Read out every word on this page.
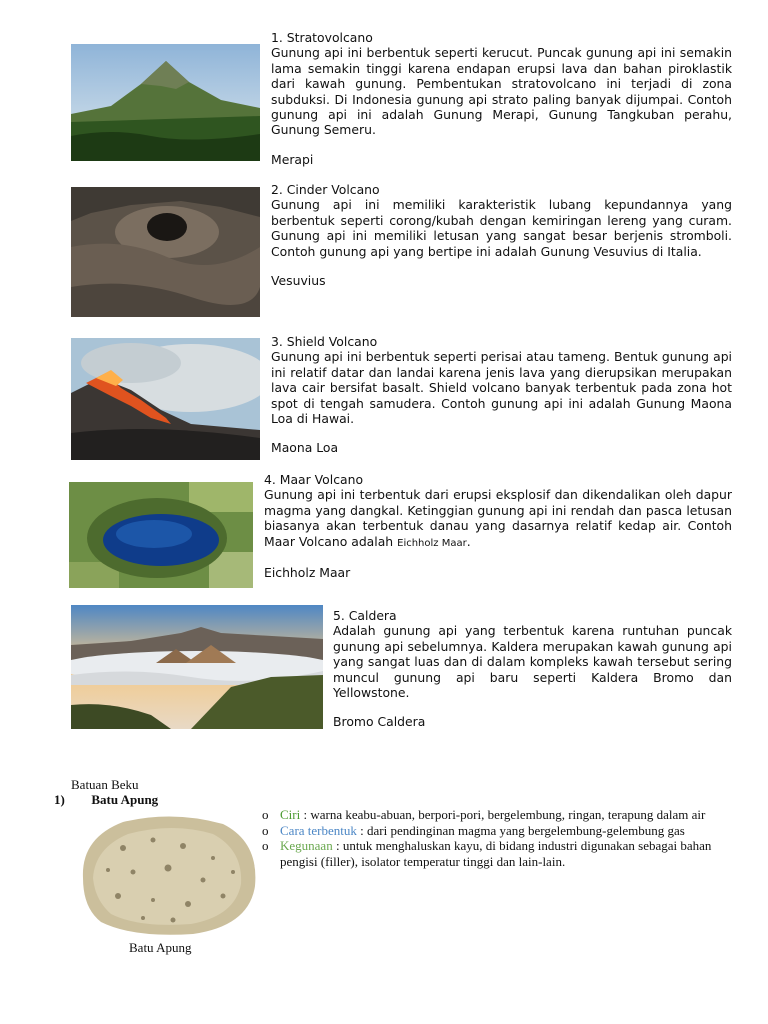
1. Stratovolcano

Gunung api ini berbentuk seperti kerucut. Puncak gunung api ini semakin lama semakin tinggi karena endapan erupsi lava dan bahan piroklastik dari kawah gunung. Pembentukan stratovolcano ini terjadi di zona subduksi. Di Indonesia gunung api strato paling banyak dijumpai. Contoh gunung api ini adalah Gunung Merapi, Gunung Tangkuban perahu, Gunung Semeru.

Merapi

2. Cinder Volcano

Gunung api ini memiliki karakteristik lubang kepundannya yang berbentuk seperti corong/kubah dengan kemiringan lereng yang curam. Gunung api ini memiliki letusan yang sangat besar berjenis stromboli. Contoh gunung api yang bertipe ini adalah Gunung Vesuvius di Italia.

Vesuvius

3. Shield Volcano

Gunung api ini berbentuk seperti perisai atau tameng. Bentuk gunung api ini relatif datar dan landai karena jenis lava yang dierupsikan merupakan lava cair bersifat basalt. Shield volcano banyak terbentuk pada zona hot spot di tengah samudera. Contoh gunung api ini adalah Gunung Maona Loa di Hawai.

Maona Loa

4. Maar Volcano

Gunung api ini terbentuk dari erupsi eksplosif dan dikendalikan oleh dapur magma yang dangkal. Ketinggian gunung api ini rendah dan pasca letusan biasanya akan terbentuk danau yang dasarnya relatif kedap air. Contoh Maar Volcano adalah Eichholz Maar.

Eichholz Maar

5. Caldera

Adalah gunung api yang terbentuk karena runtuhan puncak gunung api sebelumnya. Kaldera merupakan kawah gunung api yang sangat luas dan di dalam kompleks kawah tersebut sering muncul gunung api baru seperti Kaldera Bromo dan Yellowstone.

Bromo Caldera

Batuan Beku
1) Batu Apung
Batu Apung

o Ciri : warna keabu-abuan, berpori-pori, bergelembung, ringan, terapung dalam air

o Cara terbentuk : dari pendinginan magma yang bergelembung-gelembung gas

o Kegunaan : untuk menghaluskan kayu, di bidang industri digunakan sebagai bahan pengisi (filler), isolator temperatur tinggi dan lain-lain.
